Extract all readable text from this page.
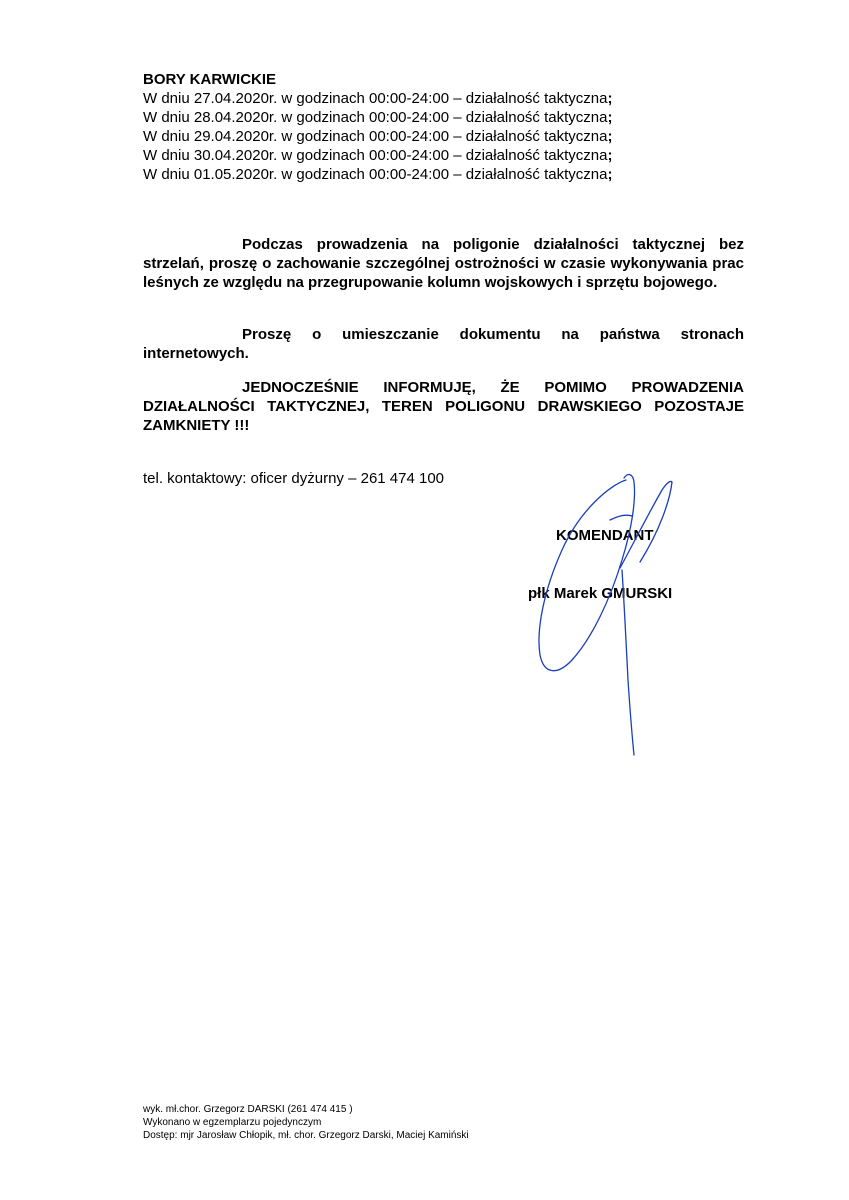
BORY KARWICKIE
W dniu 27.04.2020r. w godzinach 00:00-24:00 – działalność taktyczna;
W dniu 28.04.2020r. w godzinach 00:00-24:00 – działalność taktyczna;
W dniu 29.04.2020r. w godzinach 00:00-24:00 – działalność taktyczna;
W dniu 30.04.2020r. w godzinach 00:00-24:00 – działalność taktyczna;
W dniu 01.05.2020r. w godzinach 00:00-24:00 – działalność taktyczna;
Podczas prowadzenia na poligonie działalności taktycznej bez strzelań, proszę o zachowanie szczególnej ostrożności w czasie wykonywania prac leśnych ze względu na przegrupowanie kolumn wojskowych i sprzętu bojowego.
Proszę o umieszczanie dokumentu na państwa stronach internetowych.
JEDNOCZEŚNIE INFORMUJĘ, ŻE POMIMO PROWADZENIA DZIAŁALNOŚCI TAKTYCZNEJ, TEREN POLIGONU DRAWSKIEGO POZOSTAJE ZAMKNIETY !!!
tel. kontaktowy: oficer dyżurny – 261 474 100
KOMENDANT
płk Marek GMURSKI
wyk. mł.chor. Grzegorz DARSKI (261 474 415 )
Wykonano w egzemplarzu pojedynczym
Dostęp: mjr Jarosław Chłopik, mł. chor. Grzegorz Darski, Maciej Kamiński
